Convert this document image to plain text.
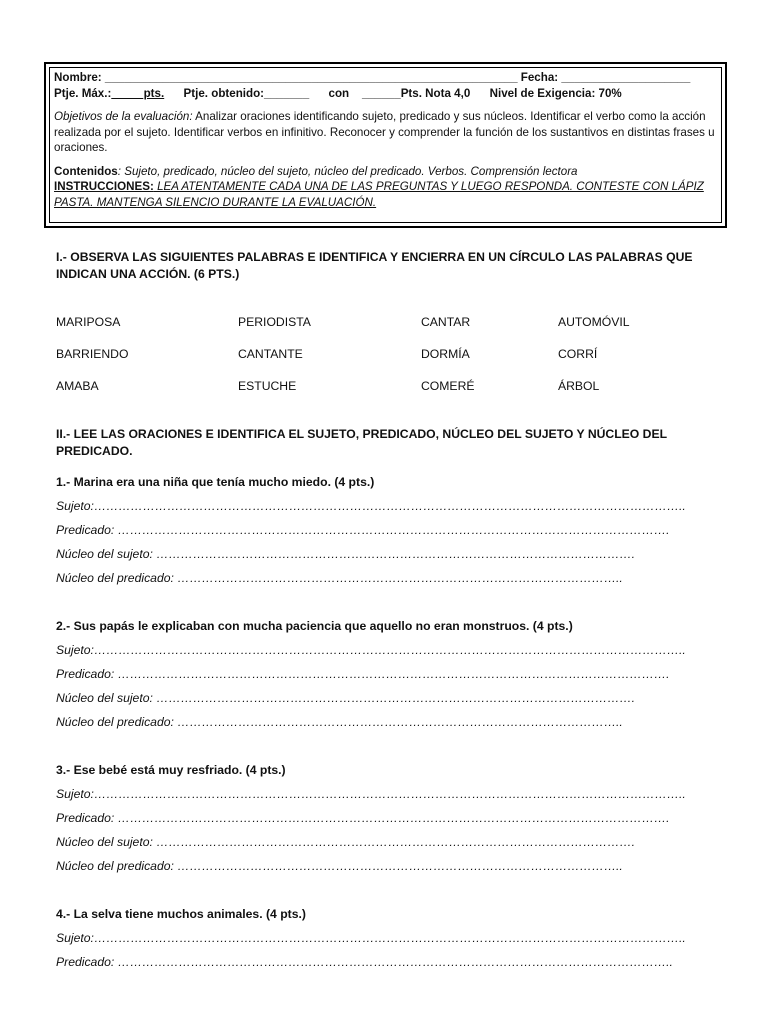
Nombre: ________________________________________________________________ Fecha: ____________________
Ptje. Máx.:_____pts. Ptje. obtenido:_______ con ______Pts. Nota 4,0 Nivel de Exigencia: 70%
Objetivos de la evaluación: Analizar oraciones identificando sujeto, predicado y sus núcleos. Identificar el verbo como la acción realizada por el sujeto. Identificar verbos en infinitivo. Reconocer y comprender la función de los sustantivos en distintas frases u oraciones.
Contenidos: Sujeto, predicado, núcleo del sujeto, núcleo del predicado. Verbos. Comprensión lectora
INSTRUCCIONES: LEA ATENTAMENTE CADA UNA DE LAS PREGUNTAS Y LUEGO RESPONDA. CONTESTE CON LÁPIZ PASTA. MANTENGA SILENCIO DURANTE LA EVALUACIÓN.
I.- OBSERVA LAS SIGUIENTES PALABRAS E IDENTIFICA Y ENCIERRA EN UN CÍRCULO LAS PALABRAS QUE INDICAN UNA ACCIÓN. (6 PTS.)
MARIPOSA	PERIODISTA	CANTAR	AUTOMÓVIL
BARRIENDO	CANTANTE	DORMÍA	CORRÍ
AMABA	ESTUCHE	COMERÉ	ÁRBOL
II.- LEE LAS ORACIONES E IDENTIFICA EL SUJETO, PREDICADO, NÚCLEO DEL SUJETO Y NÚCLEO DEL PREDICADO.
1.- Marina era una niña que tenía mucho miedo. (4 pts.)
Sujeto:………………………………………………………………………………………………………………………………..
Predicado: ……………………………………………………………………………………………………………………….
Núcleo del sujeto: ……………………………………………………………………………………………………….
Núcleo del predicado: ………………………………………………………………………………………………..
2.- Sus papás le explicaban con mucha paciencia que aquello no eran monstruos. (4 pts.)
Sujeto:………………………………………………………………………………………………………………………………..
Predicado: ……………………………………………………………………………………………………………………….
Núcleo del sujeto: ……………………………………………………………………………………………………….
Núcleo del predicado: ………………………………………………………………………………………………..
3.- Ese bebé está muy resfriado. (4 pts.)
Sujeto:………………………………………………………………………………………………………………………………..
Predicado: ……………………………………………………………………………………………………………………….
Núcleo del sujeto: ……………………………………………………………………………………………………….
Núcleo del predicado: ………………………………………………………………………………………………..
4.- La selva tiene muchos animales. (4 pts.)
Sujeto:………………………………………………………………………………………………………………………………..
Predicado: ………………………………………………………………………………………………………………………..
